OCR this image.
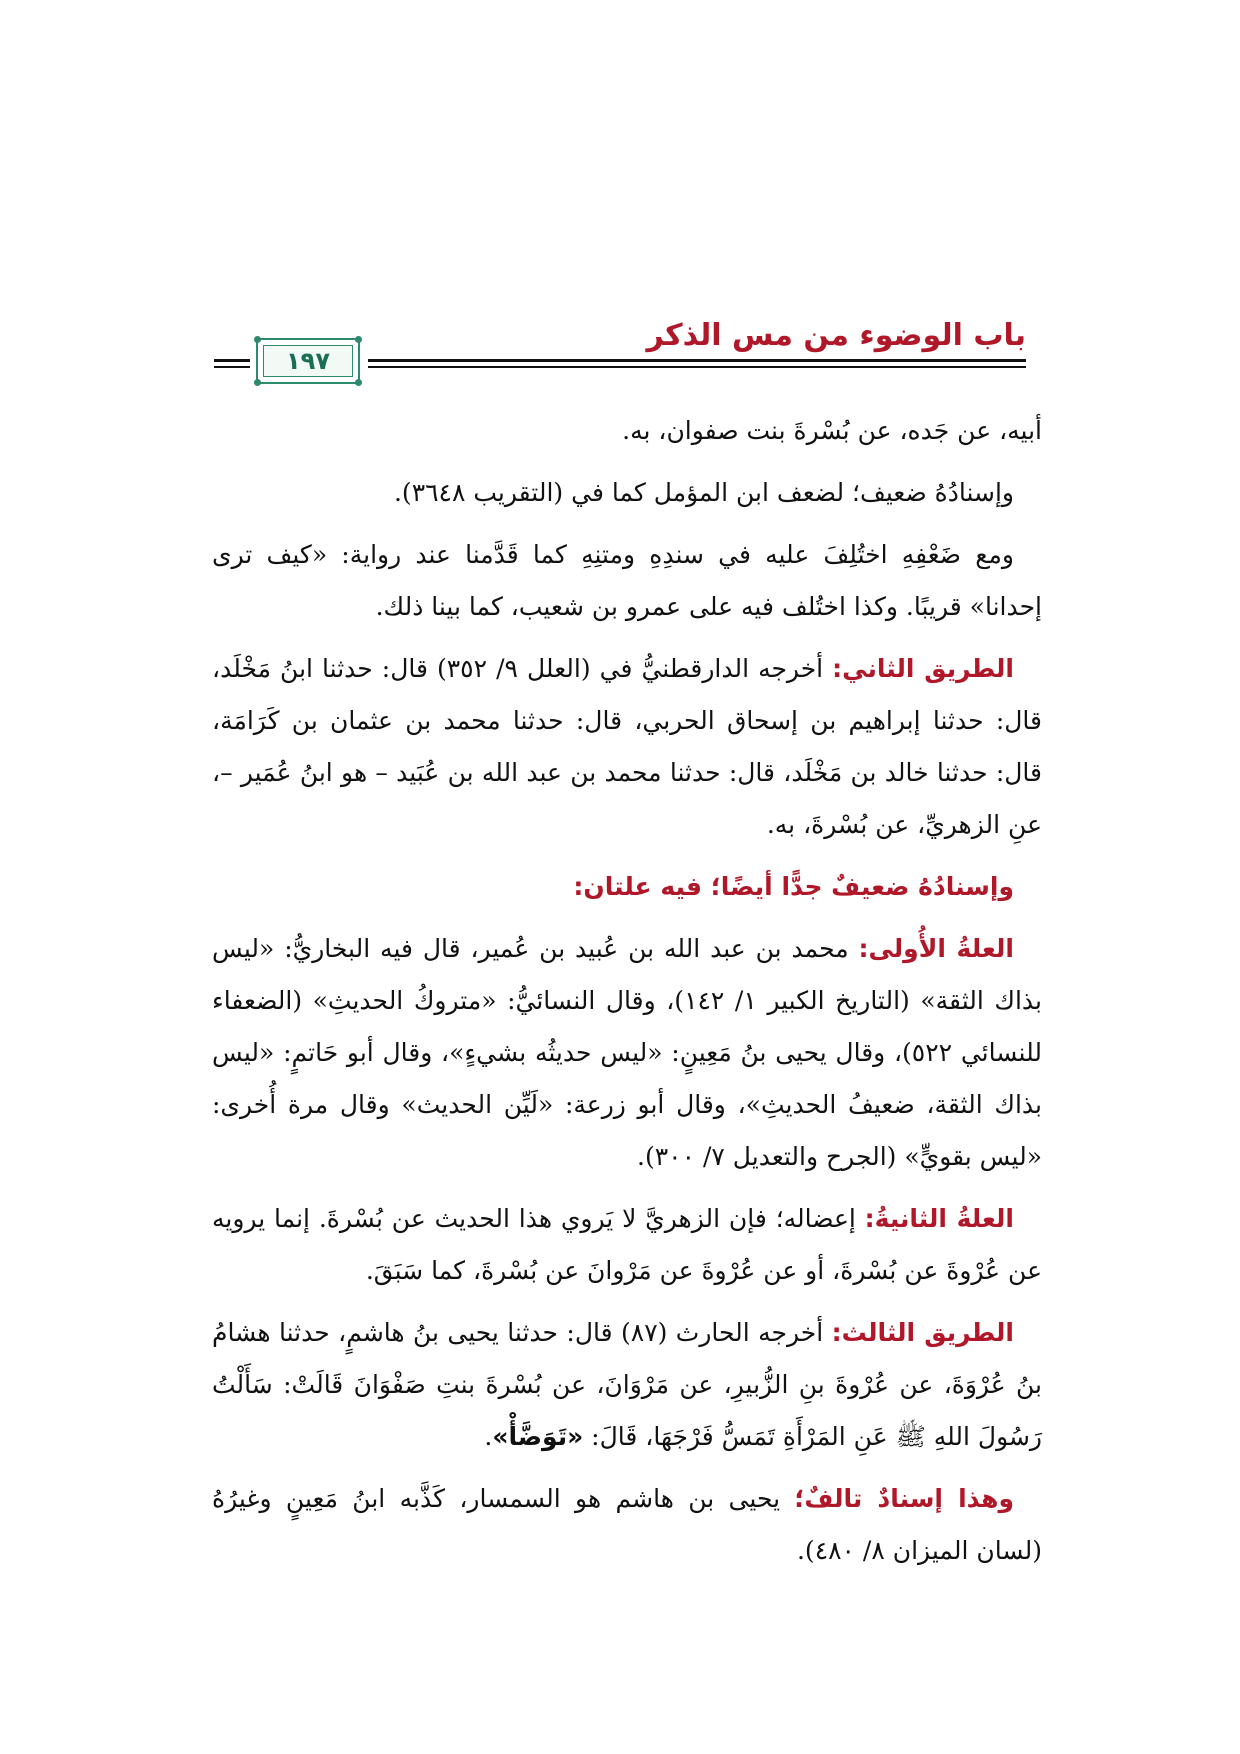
باب الوضوء من مس الذكر
١٩٧

أبيه، عن جَده، عن بُسْرةَ بنت صفوان، به.

وإسنادُهُ ضعيف؛ لضعف ابن المؤمل كما في (التقريب ٣٦٤٨).

ومع ضَعْفِهِ اختُلِفَ عليه في سندِهِ ومتنِهِ كما قَدَّمنا عند رواية: «كيف ترى إحدانا» قريبًا. وكذا اختُلف فيه على عمرو بن شعيب، كما بينا ذلك.

الطريق الثاني: أخرجه الدارقطنيُّ في (العلل ٩/ ٣٥٢) قال: حدثنا ابنُ مَخْلَد، قال: حدثنا إبراهيم بن إسحاق الحربي، قال: حدثنا محمد بن عثمان بن كَرَامَة، قال: حدثنا خالد بن مَخْلَد، قال: حدثنا محمد بن عبد الله بن عُبَيد – هو ابنُ عُمَير –، عنِ الزهريِّ، عن بُسْرةَ، به.

وإسنادُهُ ضعيفٌ جدًّا أيضًا؛ فيه علتان:

العلةُ الأُولى: محمد بن عبد الله بن عُبيد بن عُمير، قال فيه البخاريُّ: «ليس بذاك الثقة» (التاريخ الكبير ١/ ١٤٢)، وقال النسائيُّ: «متروكُ الحديثِ» (الضعفاء للنسائي ٥٢٢)، وقال يحيى بنُ مَعِينٍ: «ليس حديثُه بشيءٍ»، وقال أبو حَاتمٍ: «ليس بذاك الثقة، ضعيفُ الحديثِ»، وقال أبو زرعة: «لَيِّن الحديث» وقال مرة أُخرى: «ليس بقويٍّ» (الجرح والتعديل ٧/ ٣٠٠).

العلةُ الثانيةُ: إعضاله؛ فإن الزهريَّ لا يَروي هذا الحديث عن بُسْرةَ. إنما يرويه عن عُرْوةَ عن بُسْرةَ، أو عن عُرْوةَ عن مَرْوانَ عن بُسْرةَ، كما سَبَقَ.

الطريق الثالث: أخرجه الحارث (٨٧) قال: حدثنا يحيى بنُ هاشمٍ، حدثنا هشامُ بنُ عُرْوَةَ، عن عُرْوةَ بنِ الزُّبيرِ، عن مَرْوَانَ، عن بُسْرةَ بنتِ صَفْوَانَ قَالَتْ: سَأَلْتُ رَسُولَ اللهِ ﷺ عَنِ المَرْأَةِ تَمَسُّ فَرْجَهَا، قَالَ: «تَوَضَّأْ».

وهذا إسنادٌ تالفٌ؛ يحيى بن هاشم هو السمسار، كَذَّبه ابنُ مَعِينٍ وغيرُهُ (لسان الميزان ٨/ ٤٨٠).
